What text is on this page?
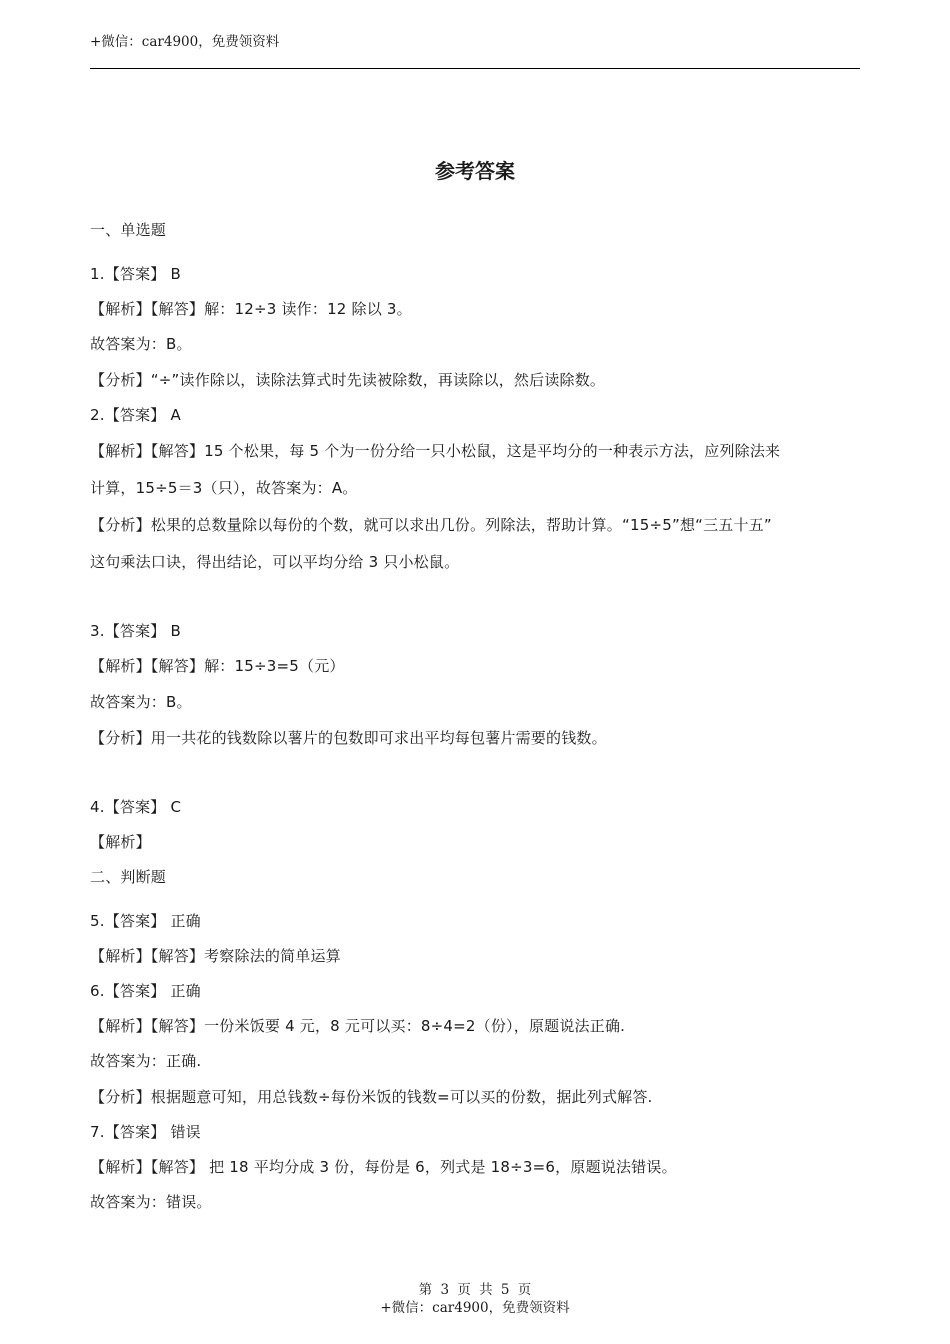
+微信：car4900，免费领资料
参考答案
一、单选题
1.【答案】 B
【解析】【解答】解：12÷3 读作：12 除以 3。
故答案为：B。
【分析】“÷”读作除以，读除法算式时先读被除数，再读除以，然后读除数。
2.【答案】 A
【解析】【解答】15 个松果，每 5 个为一份分给一只小松鼠，这是平均分的一种表示方法，应列除法来
计算，15÷5＝3（只），故答案为：A。
【分析】松果的总数量除以每份的个数，就可以求出几份。列除法，帮助计算。“15÷5”想“三五十五”
这句乘法口诀，得出结论，可以平均分给 3 只小松鼠。
3.【答案】 B
【解析】【解答】解：15÷3=5（元）
故答案为：B。
【分析】用一共花的钱数除以薯片的包数即可求出平均每包薯片需要的钱数。
4.【答案】 C
【解析】
二、判断题
5.【答案】 正确
【解析】【解答】考察除法的简单运算
6.【答案】 正确
【解析】【解答】一份米饭要 4 元，8 元可以买：8÷4=2（份），原题说法正确.
故答案为：正确.
【分析】根据题意可知，用总钱数÷每份米饭的钱数=可以买的份数，据此列式解答.
7.【答案】 错误
【解析】【解答】 把 18 平均分成 3 份，每份是 6，列式是 18÷3=6，原题说法错误。
故答案为：错误。
第 3 页 共 5 页
+微信：car4900，免费领资料
